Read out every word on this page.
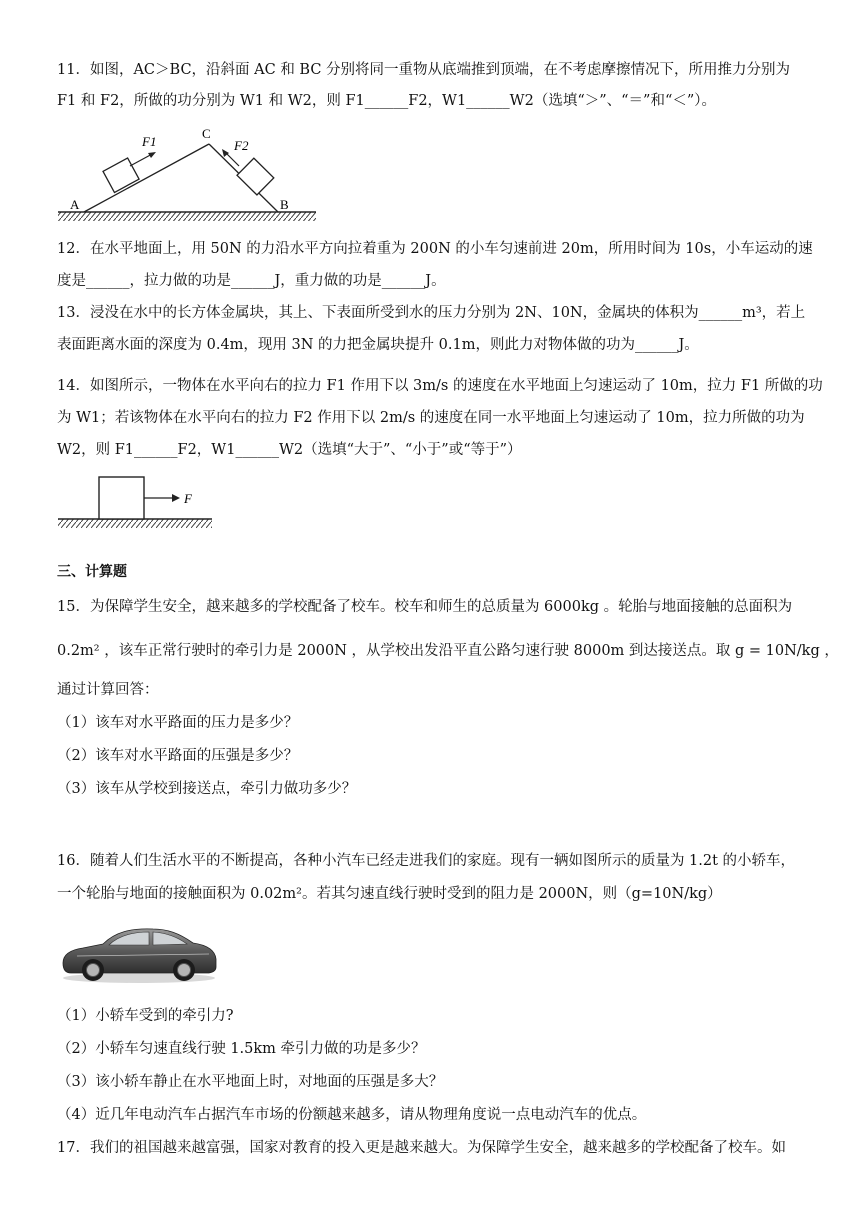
11．如图，AC＞BC，沿斜面 AC 和 BC 分别将同一重物从底端推到顶端，在不考虑摩擦情况下，所用推力分别为
F1 和 F2，所做的功分别为 W1 和 W2，则 F1______F2，W1______W2（选填“＞”、“＝”和“＜”）。
A	B
C
F1	F2
12．在水平地面上，用 50N 的力沿水平方向拉着重为 200N 的小车匀速前进 20m，所用时间为 10s，小车运动的速
度是______，拉力做的功是______J，重力做的功是______J。
13．浸没在水中的长方体金属块，其上、下表面所受到水的压力分别为 2N、10N，金属块的体积为______m³，若上
表面距离水面的深度为 0.4m，现用 3N 的力把金属块提升 0.1m，则此力对物体做的功为______J。
14．如图所示，一物体在水平向右的拉力 F1 作用下以 3m/s 的速度在水平地面上匀速运动了 10m，拉力 F1 所做的功
为 W1；若该物体在水平向右的拉力 F2 作用下以 2m/s 的速度在同一水平地面上匀速运动了 10m，拉力所做的功为
W2，则 F1______F2，W1______W2（选填“大于”、“小于”或“等于”）
F
三、计算题
15．为保障学生安全，越来越多的学校配备了校车。校车和师生的总质量为 6000kg 。轮胎与地面接触的总面积为
0.2m² ，该车正常行驶时的牵引力是 2000N ，从学校出发沿平直公路匀速行驶 8000m 到达接送点。取 g = 10N/kg ，
通过计算回答：
（1）该车对水平路面的压力是多少？
（2）该车对水平路面的压强是多少？
（3）该车从学校到接送点，牵引力做功多少？
16．随着人们生活水平的不断提高，各种小汽车已经走进我们的家庭。现有一辆如图所示的质量为 1.2t 的小轿车，
一个轮胎与地面的接触面积为 0.02m²。若其匀速直线行驶时受到的阻力是 2000N，则（g=10N/kg）
（1）小轿车受到的牵引力?
（2）小轿车匀速直线行驶 1.5km 牵引力做的功是多少？
（3）该小轿车静止在水平地面上时，对地面的压强是多大？
（4）近几年电动汽车占据汽车市场的份额越来越多，请从物理角度说一点电动汽车的优点。
17．我们的祖国越来越富强，国家对教育的投入更是越来越大。为保障学生安全，越来越多的学校配备了校车。如
